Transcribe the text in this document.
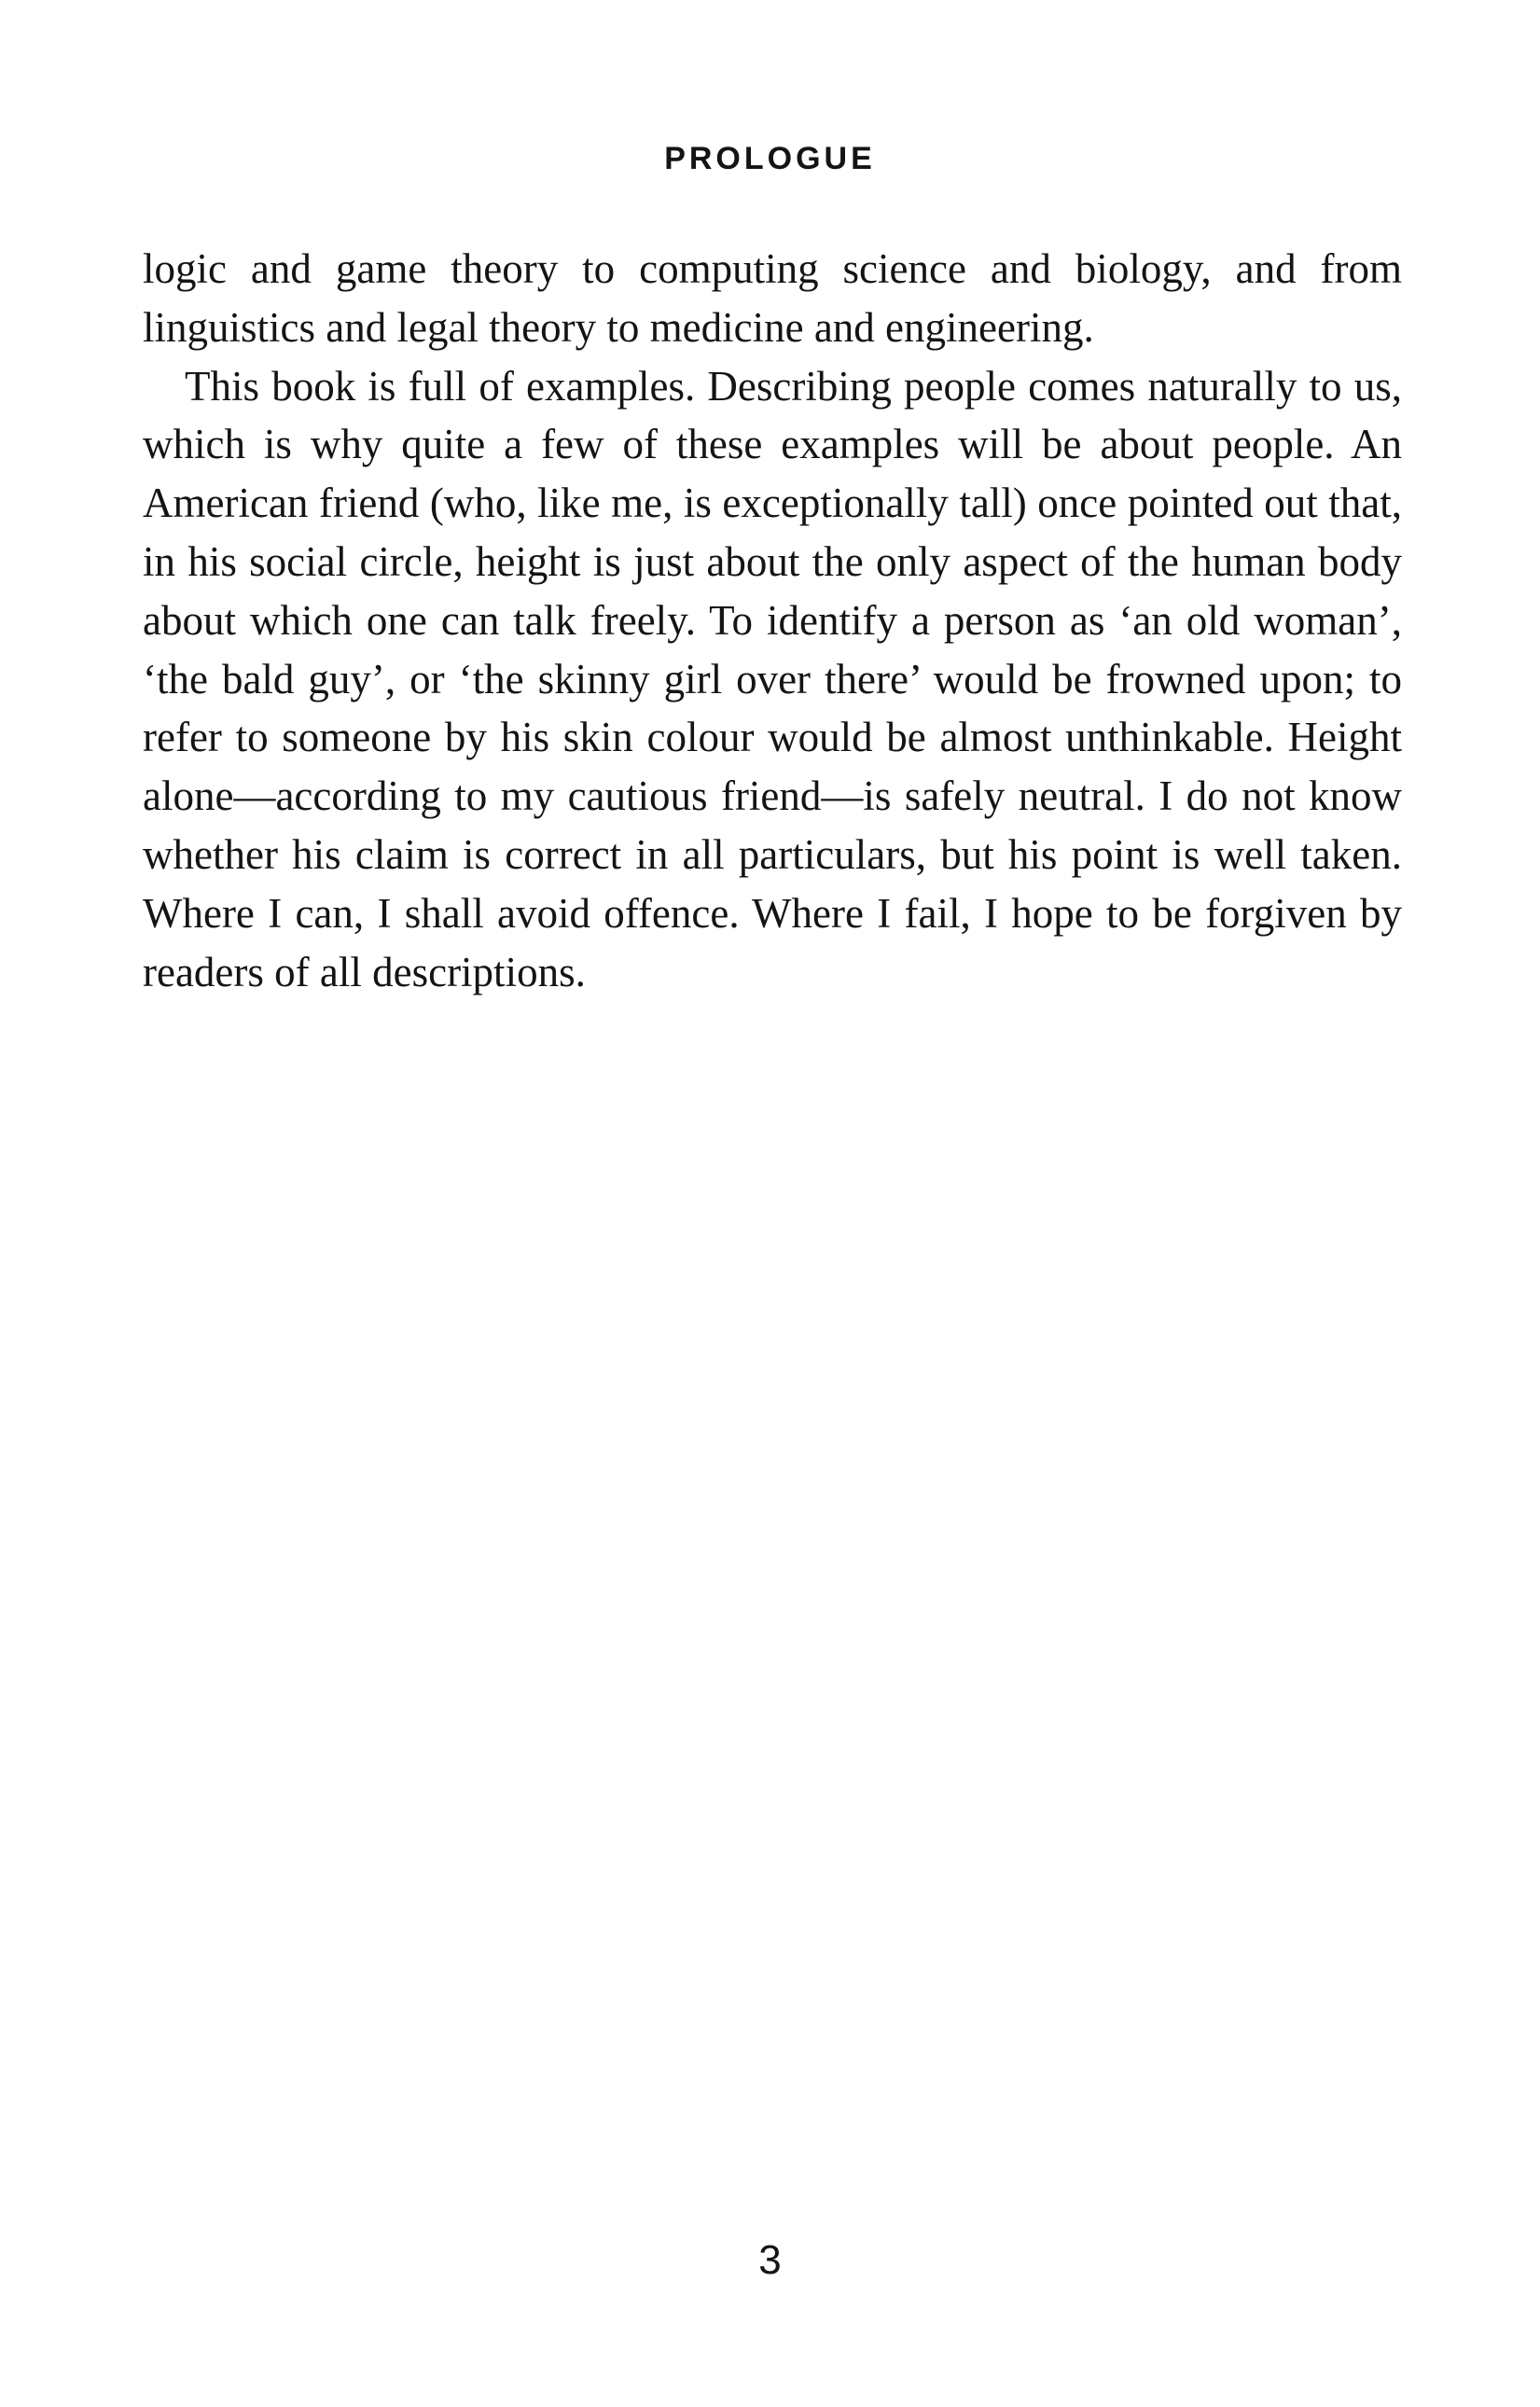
PROLOGUE

logic and game theory to computing science and biology, and from linguistics and legal theory to medicine and engineering.

This book is full of examples. Describing people comes naturally to us, which is why quite a few of these examples will be about people. An American friend (who, like me, is exceptionally tall) once pointed out that, in his social circle, height is just about the only aspect of the human body about which one can talk freely. To identify a person as ‘an old woman’, ‘the bald guy’, or ‘the skinny girl over there’ would be frowned upon; to refer to someone by his skin colour would be almost unthinkable. Height alone—according to my cautious friend—is safely neutral. I do not know whether his claim is correct in all particulars, but his point is well taken. Where I can, I shall avoid offence. Where I fail, I hope to be forgiven by readers of all descriptions.

3
